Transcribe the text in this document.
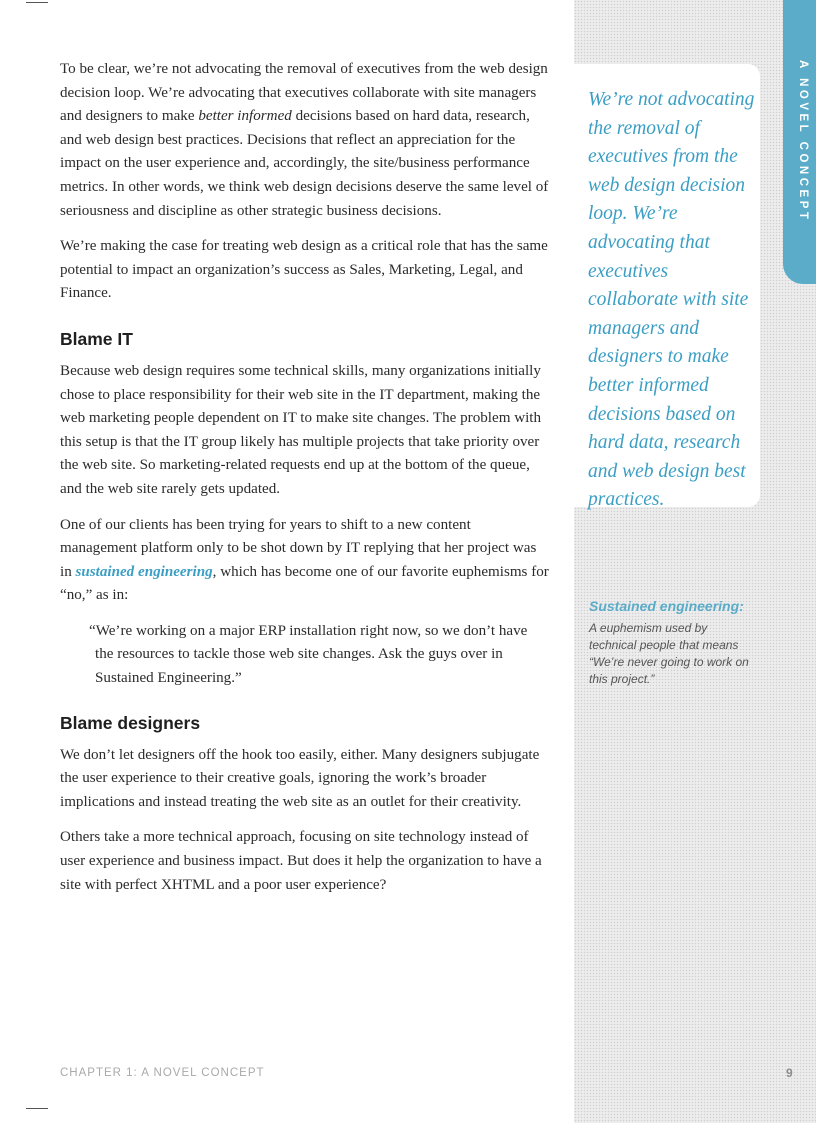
A NOVEL CONCEPT

We’re not advocating the removal of executives from the web design decision loop. We’re advocating that executives collaborate with site managers and designers to make better informed decisions based on hard data, research and web design best practices.

Sustained engineering:

A euphemism used by technical people that means “We’re never going to work on this project.”

To be clear, we’re not advocating the removal of executives from the web design decision loop. We’re advocating that executives collaborate with site managers and designers to make better informed decisions based on hard data, research, and web design best practices. Decisions that reflect an appreciation for the impact on the user experience and, accordingly, the site/business performance metrics. In other words, we think web design decisions deserve the same level of seriousness and discipline as other strategic business decisions.

We’re making the case for treating web design as a critical role that has the same potential to impact an organization’s success as Sales, Marketing, Legal, and Finance.

Blame IT

Because web design requires some technical skills, many organizations initially chose to place responsibility for their web site in the IT department, making the web marketing people dependent on IT to make site changes. The problem with this setup is that the IT group likely has multiple projects that take priority over the web site. So marketing-related requests end up at the bottom of the queue, and the web site rarely gets updated.

One of our clients has been trying for years to shift to a new content management platform only to be shot down by IT replying that her project was in sustained engineering, which has become one of our favorite euphemisms for “no,” as in:

“We’re working on a major ERP installation right now, so we don’t have
the resources to tackle those web site changes. Ask the guys over in
Sustained Engineering.”
Blame designers

We don’t let designers off the hook too easily, either. Many designers subjugate the user experience to their creative goals, ignoring the work’s broader implications and instead treating the web site as an outlet for their creativity.

Others take a more technical approach, focusing on site technology instead of user experience and business impact. But does it help the organization to have a site with perfect XHTML and a poor user experience?

CHAPTER 1: A NOVEL CONCEPT	9
